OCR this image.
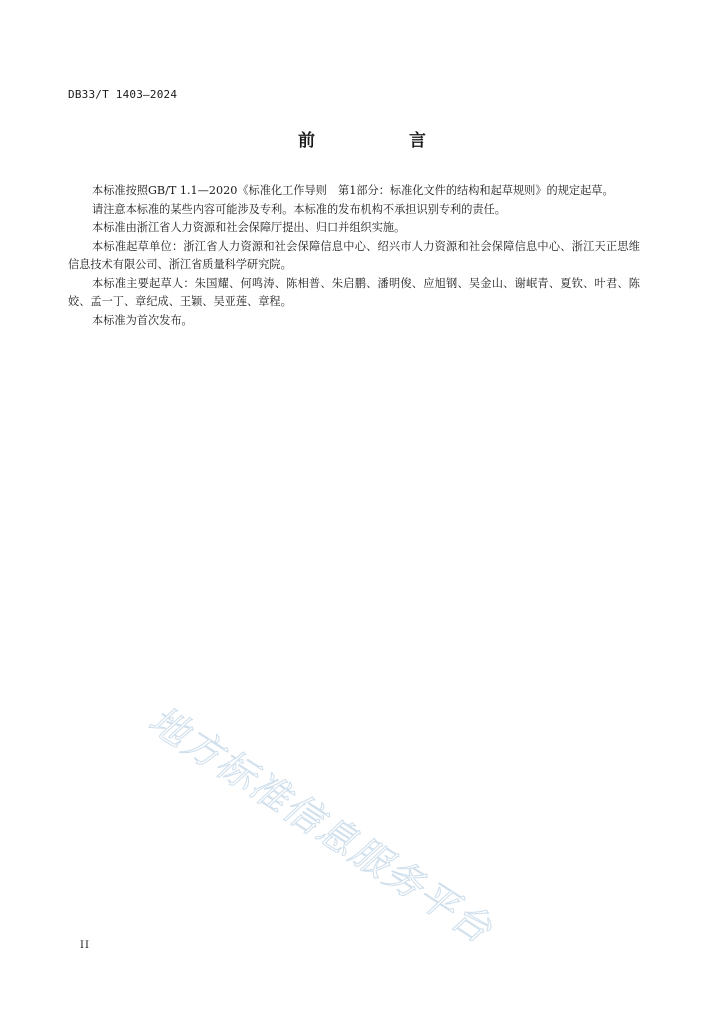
DB33/T 1403—2024
前 言

本标准按照GB/T 1.1—2020《标准化工作导则　第1部分：标准化文件的结构和起草规则》的规定起草。

请注意本标准的某些内容可能涉及专利。本标准的发布机构不承担识别专利的责任。

本标准由浙江省人力资源和社会保障厅提出、归口并组织实施。

本标准起草单位：浙江省人力资源和社会保障信息中心、绍兴市人力资源和社会保障信息中心、浙江天正思维信息技术有限公司、浙江省质量科学研究院。

本标准主要起草人：朱国耀、何鸣涛、陈相普、朱启鹏、潘明俊、应旭钢、吴金山、谢岷青、夏钦、叶君、陈姣、孟一丁、章纪成、王颖、吴亚莲、章程。

本标准为首次发布。

地方标准信息服务平台
II
